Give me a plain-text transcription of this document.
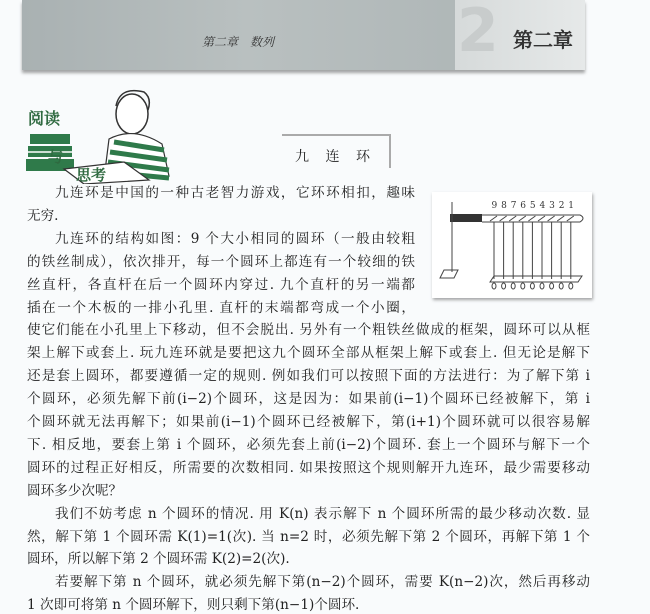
第二章　数列	2 第二章
阅读
与
思考
九 连 环
九连环是中国的一种古老智力游戏，它环环相扣，趣味
无穷.
九连环的结构如图：9 个大小相同的圆环（一般由较粗
的铁丝制成），依次排开，每一个圆环上都连有一个较细的铁
丝直杆，各直杆在后一个圆环内穿过. 九个直杆的另一端都
插在一个木板的一排小孔里. 直杆的末端都弯成一个小圈，
使它们能在小孔里上下移动，但不会脱出. 另外有一个粗铁丝做成的框架，圆环可以从框
架上解下或套上. 玩九连环就是要把这九个圆环全部从框架上解下或套上. 但无论是解下
还是套上圆环，都要遵循一定的规则. 例如我们可以按照下面的方法进行：为了解下第 i
个圆环，必须先解下前(i−2)个圆环，这是因为：如果前(i−1)个圆环已经被解下，第 i
个圆环就无法再解下；如果前(i−1)个圆环已经被解下，第(i+1)个圆环就可以很容易解
下. 相反地，要套上第 i 个圆环，必须先套上前(i−2)个圆环. 套上一个圆环与解下一个
圆环的过程正好相反，所需要的次数相同. 如果按照这个规则解开九连环，最少需要移动
圆环多少次呢？
我们不妨考虑 n 个圆环的情况. 用 K(n) 表示解下 n 个圆环所需的最少移动次数. 显
然，解下第 1 个圆环需 K(1)=1(次). 当 n=2 时，必须先解下第 2 个圆环，再解下第 1 个
圆环，所以解下第 2 个圆环需 K(2)=2(次).
若要解下第 n 个圆环，就必须先解下第(n−2)个圆环，需要 K(n−2)次，然后再移动
1 次即可将第 n 个圆环解下，则只剩下第(n−1)个圆环.
9 8 7 6 5 4 3 2 1
